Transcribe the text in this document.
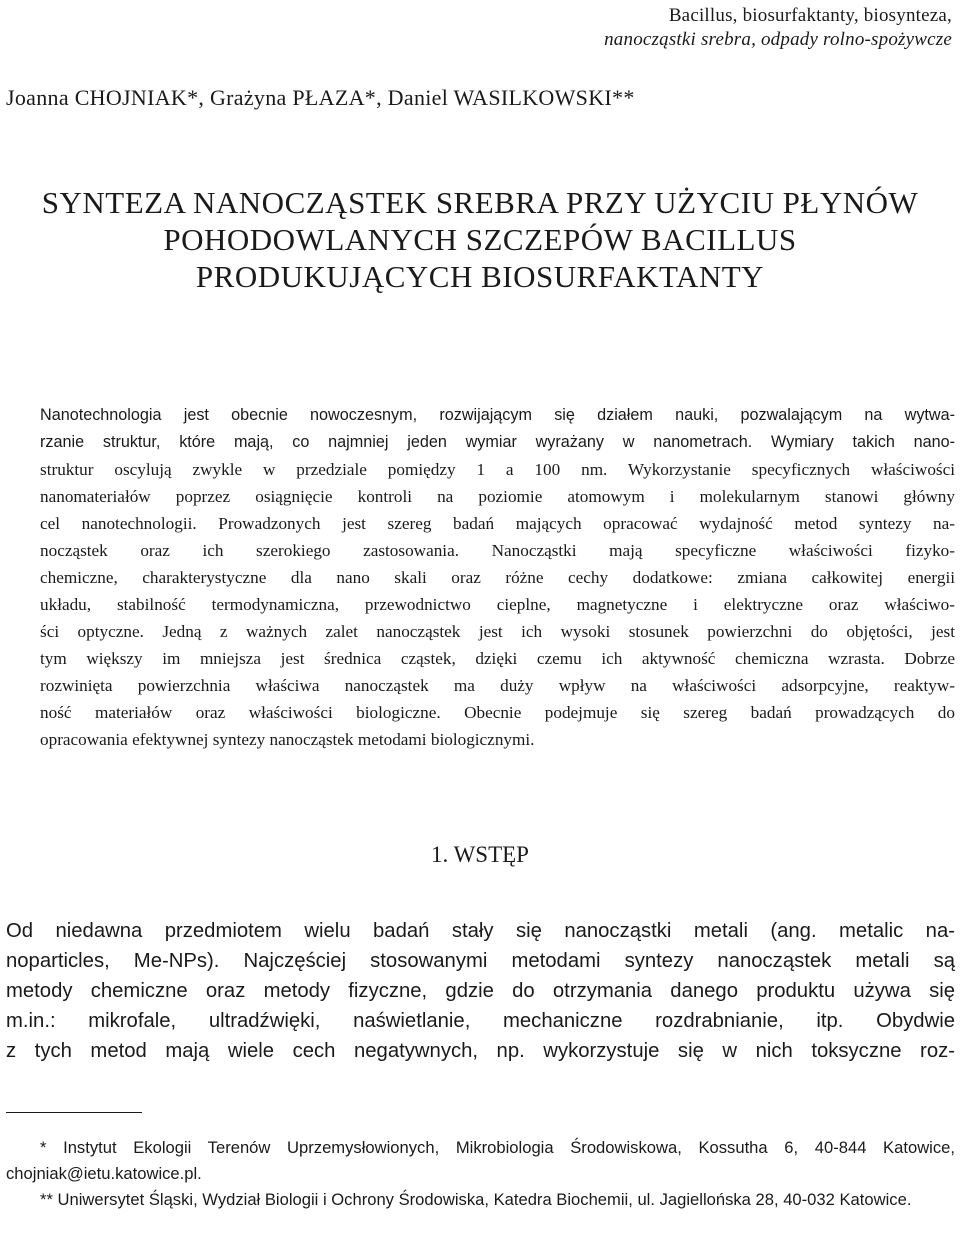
Bacillus, biosurfaktanty, biosynteza,
nanocząstki srebra, odpady rolno-spożywcze
Joanna CHOJNIAK*, Grażyna PŁAZA*, Daniel WASILKOWSKI**
SYNTEZA NANOCZĄSTEK SREBRA PRZY UŻYCIU PŁYNÓW
POHODOWLANYCH SZCZEPÓW BACILLUS
PRODUKUJĄCYCH BIOSURFAKTANTY
Nanotechnologia jest obecnie nowoczesnym, rozwijającym się działem nauki, pozwalającym na wytwa-
rzanie struktur, które mają, co najmniej jeden wymiar wyrażany w nanometrach. Wymiary takich nano-
struktur oscylują zwykle w przedziale pomiędzy 1 a 100 nm. Wykorzystanie specyficznych właściwości
nanomateriałów poprzez osiągnięcie kontroli na poziomie atomowym i molekularnym stanowi główny
cel nanotechnologii. Prowadzonych jest szereg badań mających opracować wydajność metod syntezy na-
nocząstek oraz ich szerokiego zastosowania. Nanocząstki mają specyficzne właściwości fizyko-
chemiczne, charakterystyczne dla nano skali oraz różne cechy dodatkowe: zmiana całkowitej energii
układu, stabilność termodynamiczna, przewodnictwo cieplne, magnetyczne i elektryczne oraz właściwo-
ści optyczne. Jedną z ważnych zalet nanocząstek jest ich wysoki stosunek powierzchni do objętości, jest
tym większy im mniejsza jest średnica cząstek, dzięki czemu ich aktywność chemiczna wzrasta. Dobrze
rozwinięta powierzchnia właściwa nanocząstek ma duży wpływ na właściwości adsorpcyjne, reaktyw-
ność materiałów oraz właściwości biologiczne. Obecnie podejmuje się szereg badań prowadzących do
opracowania efektywnej syntezy nanocząstek metodami biologicznymi.
1. WSTĘP
Od niedawna przedmiotem wielu badań stały się nanocząstki metali (ang. metalic na-
noparticles, Me-NPs). Najczęściej stosowanymi metodami syntezy nanocząstek metali są
metody chemiczne oraz metody fizyczne, gdzie do otrzymania danego produktu używa się
m.in.: mikrofale, ultradźwięki, naświetlanie, mechaniczne rozdrabnianie, itp. Obydwie
z tych metod mają wiele cech negatywnych, np. wykorzystuje się w nich toksyczne roz-

* Instytut Ekologii Terenów Uprzemysłowionych, Mikrobiologia Środowiskowa, Kossutha 6, 40-844 Katowice, chojniak@ietu.katowice.pl.

** Uniwersytet Śląski, Wydział Biologii i Ochrony Środowiska, Katedra Biochemii, ul. Jagiellońska 28, 40-032 Katowice.
